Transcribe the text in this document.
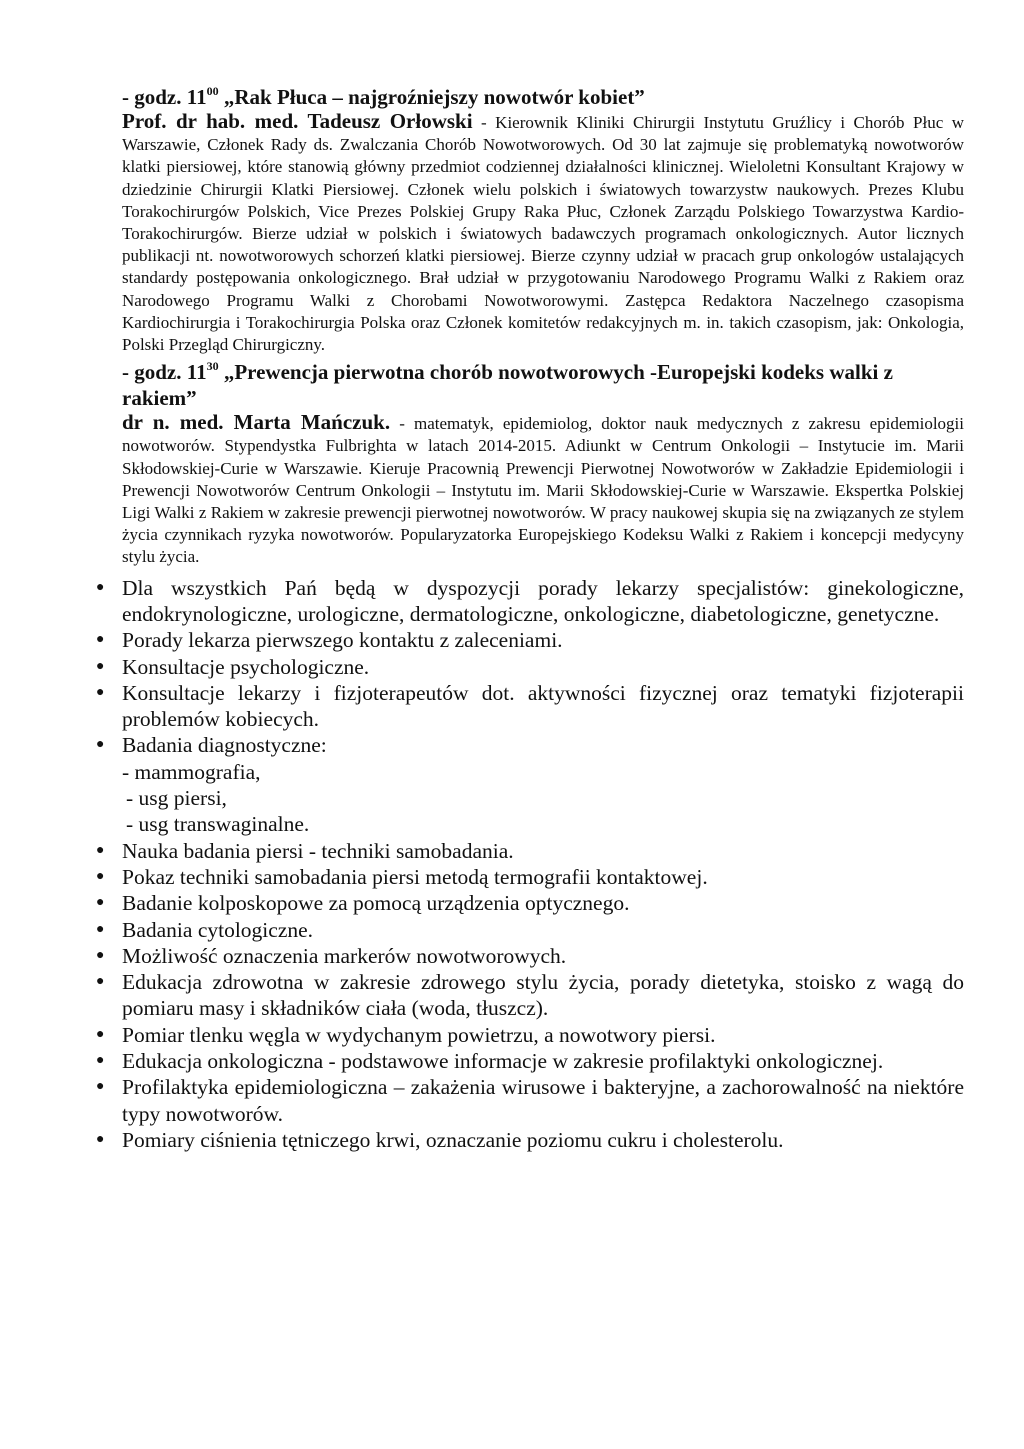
- godz. $11^{00}$ „Rak Płuca – najgroźniejszy nowotwór kobiet”

Prof. dr hab. med. Tadeusz Orłowski - Kierownik Kliniki Chirurgii Instytutu Gruźlicy i Chorób Płuc w Warszawie, Członek Rady ds. Zwalczania Chorób Nowotworowych. Od 30 lat zajmuje się problematyką nowotworów klatki piersiowej, które stanowią główny przedmiot codziennej działalności klinicznej. Wieloletni Konsultant Krajowy w dziedzinie Chirurgii Klatki Piersiowej. Członek wielu polskich i światowych towarzystw naukowych. Prezes Klubu Torakochirurgów Polskich, Vice Prezes Polskiej Grupy Raka Płuc, Członek Zarządu Polskiego Towarzystwa Kardio-Torakochirurgów. Bierze udział w polskich i światowych badawczych programach onkologicznych. Autor licznych publikacji nt. nowotworowych schorzeń klatki piersiowej. Bierze czynny udział w pracach grup onkologów ustalających standardy postępowania onkologicznego. Brał udział w przygotowaniu Narodowego Programu Walki z Rakiem oraz Narodowego Programu Walki z Chorobami Nowotworowymi. Zastępca Redaktora Naczelnego czasopisma Kardiochirurgia i Torakochirurgia Polska oraz Członek komitetów redakcyjnych m. in. takich czasopism, jak: Onkologia, Polski Przegląd Chirurgiczny.

- godz. $11^{30}$ „Prewencja pierwotna chorób nowotworowych -Europejski kodeks walki z rakiem”

dr n. med. Marta Mańczuk. - matematyk, epidemiolog, doktor nauk medycznych z zakresu epidemiologii nowotworów. Stypendystka Fulbrighta w latach 2014-2015. Adiunkt w Centrum Onkologii – Instytucie im. Marii Skłodowskiej-Curie w Warszawie. Kieruje Pracownią Prewencji Pierwotnej Nowotworów w Zakładzie Epidemiologii i Prewencji Nowotworów Centrum Onkologii – Instytutu im. Marii Skłodowskiej-Curie w Warszawie. Ekspertka Polskiej Ligi Walki z Rakiem w zakresie prewencji pierwotnej nowotworów. W pracy naukowej skupia się na związanych ze stylem życia czynnikach ryzyka nowotworów. Popularyzatorka Europejskiego Kodeksu Walki z Rakiem i koncepcji medycyny stylu życia.

● Dla wszystkich Pań będą w dyspozycji porady lekarzy specjalistów: ginekologiczne, endokrynologiczne, urologiczne, dermatologiczne, onkologiczne, diabetologiczne, genetyczne.
● Porady lekarza pierwszego kontaktu z zaleceniami.
● Konsultacje psychologiczne.
● Konsultacje lekarzy i fizjoterapeutów dot. aktywności fizycznej oraz tematyki fizjoterapii problemów kobiecych.
● Badania diagnostyczne:
- mammografia,
- usg piersi,
- usg transwaginalne.
● Nauka badania piersi - techniki samobadania.
● Pokaz techniki samobadania piersi metodą termografii kontaktowej.
● Badanie kolposkopowe za pomocą urządzenia optycznego.
● Badania cytologiczne.
● Możliwość oznaczenia markerów nowotworowych.
● Edukacja zdrowotna w zakresie zdrowego stylu życia, porady dietetyka, stoisko z wagą do pomiaru masy i składników ciała (woda, tłuszcz).
● Pomiar tlenku węgla w wydychanym powietrzu, a nowotwory piersi.
● Edukacja onkologiczna - podstawowe informacje w zakresie profilaktyki onkologicznej.
● Profilaktyka epidemiologiczna – zakażenia wirusowe i bakteryjne, a zachorowalność na niektóre typy nowotworów.
● Pomiary ciśnienia tętniczego krwi, oznaczanie poziomu cukru i cholesterolu.
